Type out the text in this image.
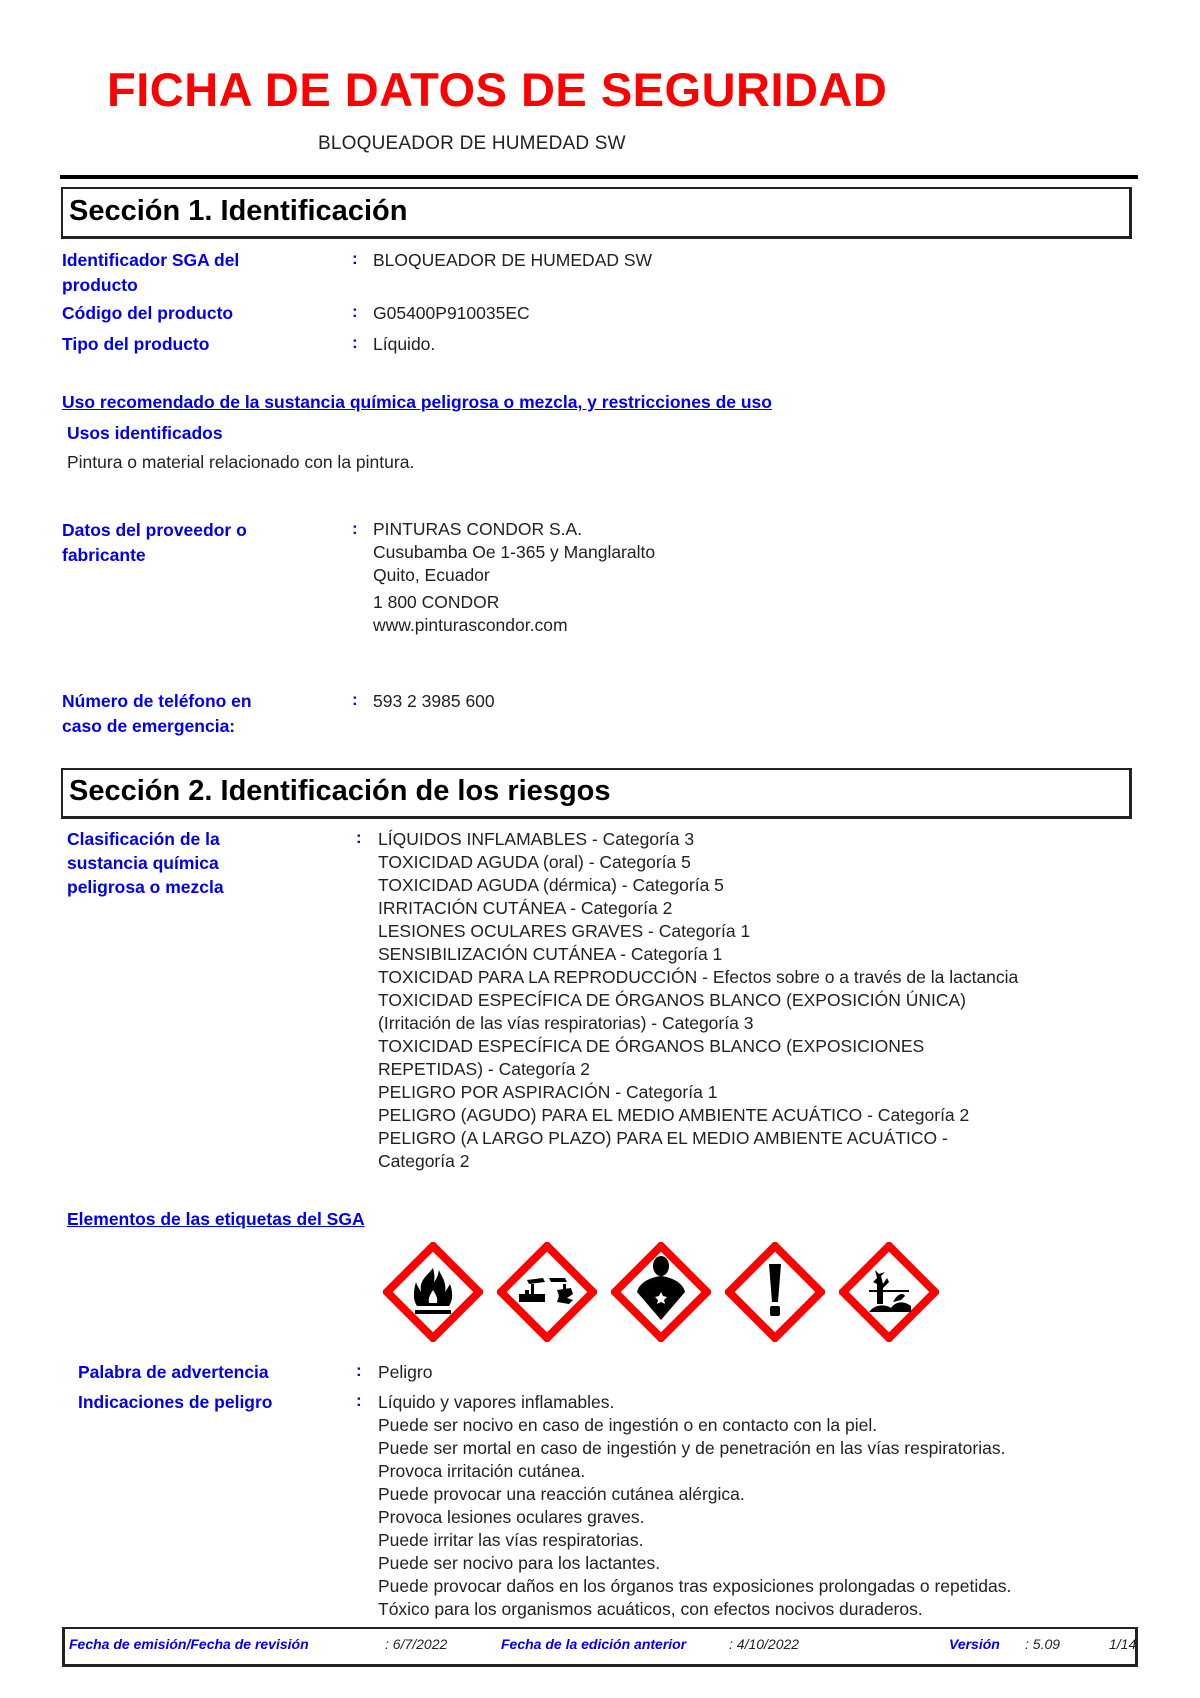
FICHA DE DATOS DE SEGURIDAD
BLOQUEADOR DE HUMEDAD SW
Sección 1. Identificación
Identificador SGA del
producto
: BLOQUEADOR DE HUMEDAD SW
Código del producto	: G05400P910035EC
Tipo del producto	: Líquido.
Uso recomendado de la sustancia química peligrosa o mezcla, y restricciones de uso
Usos identificados
Pintura o material relacionado con la pintura.
Datos del proveedor o
fabricante
: PINTURAS CONDOR S.A.
Cusubamba Oe 1-365 y Manglaralto
Quito, Ecuador
1 800 CONDOR
www.pinturascondor.com
Número de teléfono en
caso de emergencia:
: 593 2 3985 600
Sección 2. Identificación de los riesgos
Clasificación de la
sustancia química
peligrosa o mezcla
: LÍQUIDOS INFLAMABLES - Categoría 3
TOXICIDAD AGUDA (oral) - Categoría 5
TOXICIDAD AGUDA (dérmica) - Categoría 5
IRRITACIÓN CUTÁNEA - Categoría 2
LESIONES OCULARES GRAVES - Categoría 1
SENSIBILIZACIÓN CUTÁNEA - Categoría 1
TOXICIDAD PARA LA REPRODUCCIÓN - Efectos sobre o a través de la lactancia
TOXICIDAD ESPECÍFICA DE ÓRGANOS BLANCO (EXPOSICIÓN ÚNICA)
(Irritación de las vías respiratorias) - Categoría 3
TOXICIDAD ESPECÍFICA DE ÓRGANOS BLANCO (EXPOSICIONES
REPETIDAS) - Categoría 2
PELIGRO POR ASPIRACIÓN - Categoría 1
PELIGRO (AGUDO) PARA EL MEDIO AMBIENTE ACUÁTICO - Categoría 2
PELIGRO (A LARGO PLAZO) PARA EL MEDIO AMBIENTE ACUÁTICO -
Categoría 2
Elementos de las etiquetas del SGA
Palabra de advertencia	: Peligro
Indicaciones de peligro	: Líquido y vapores inflamables.
Puede ser nocivo en caso de ingestión o en contacto con la piel.
Puede ser mortal en caso de ingestión y de penetración en las vías respiratorias.
Provoca irritación cutánea.
Puede provocar una reacción cutánea alérgica.
Provoca lesiones oculares graves.
Puede irritar las vías respiratorias.
Puede ser nocivo para los lactantes.
Puede provocar daños en los órganos tras exposiciones prolongadas o repetidas.
Tóxico para los organismos acuáticos, con efectos nocivos duraderos.
Fecha de emisión/Fecha de revisión	: 6/7/2022	Fecha de la edición anterior	: 4/10/2022	Versión : 5.09	1/14
